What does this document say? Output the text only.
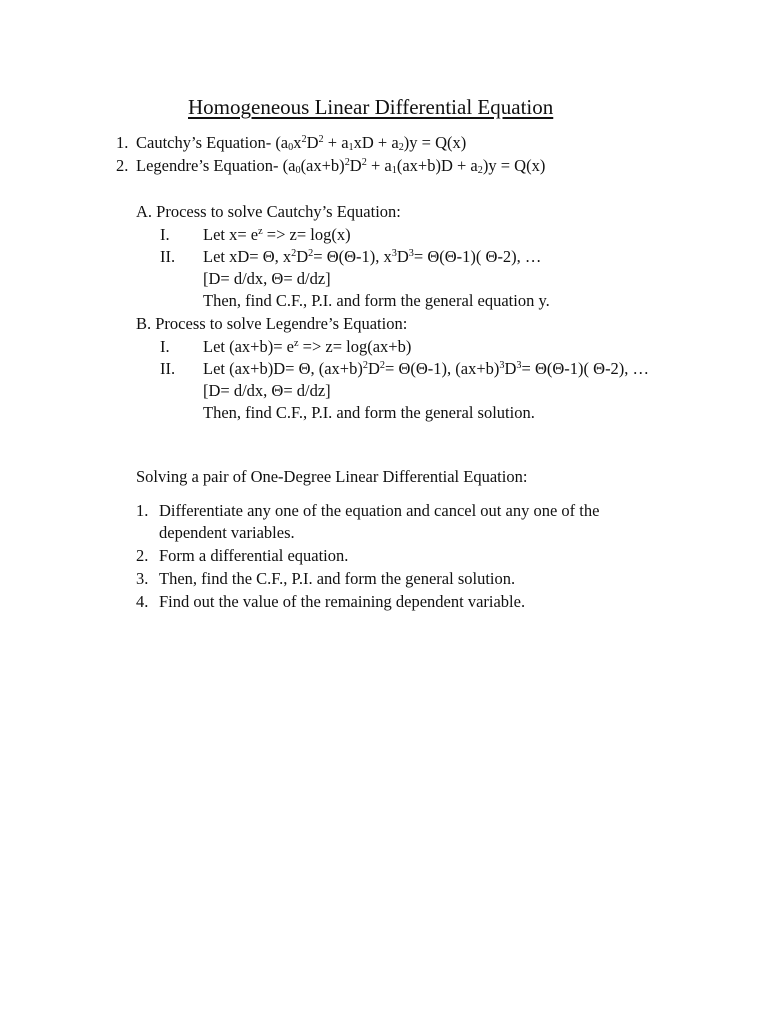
Homogeneous Linear Differential Equation
1. Cautchy’s Equation- $(a_0x^2D^2 + a_1xD + a_2)y = Q(x)$
2. Legendre’s Equation- $(a_0(ax+b)^2D^2 + a_1(ax+b)D + a_2)y = Q(x)$
A. Process to solve Cautchy’s Equation:
I. Let $x= e^z => z= \log(x)$
II. Let xD= Θ, $x^2D^2= \Theta(\Theta-1)$, $x^3D^3= \Theta(\Theta-1)$( Θ-2), …
[D= d/dx, Θ= d/dz]
Then, find C.F., P.I. and form the general equation y.
B. Process to solve Legendre’s Equation:
I. Let $(ax+b)= e^z => z= \log(ax+b)$
II. Let (ax+b)D= Θ, $(ax+b)^2D^2= \Theta(\Theta-1)$, $(ax+b)^3D^3= \Theta(\Theta-1)$( Θ-2), …
[D= d/dx, Θ= d/dz]
Then, find C.F., P.I. and form the general solution.
Solving a pair of One-Degree Linear Differential Equation:
1. Differentiate any one of the equation and cancel out any one of the
dependent variables.
2. Form a differential equation.
3. Then, find the C.F., P.I. and form the general solution.
4. Find out the value of the remaining dependent variable.
